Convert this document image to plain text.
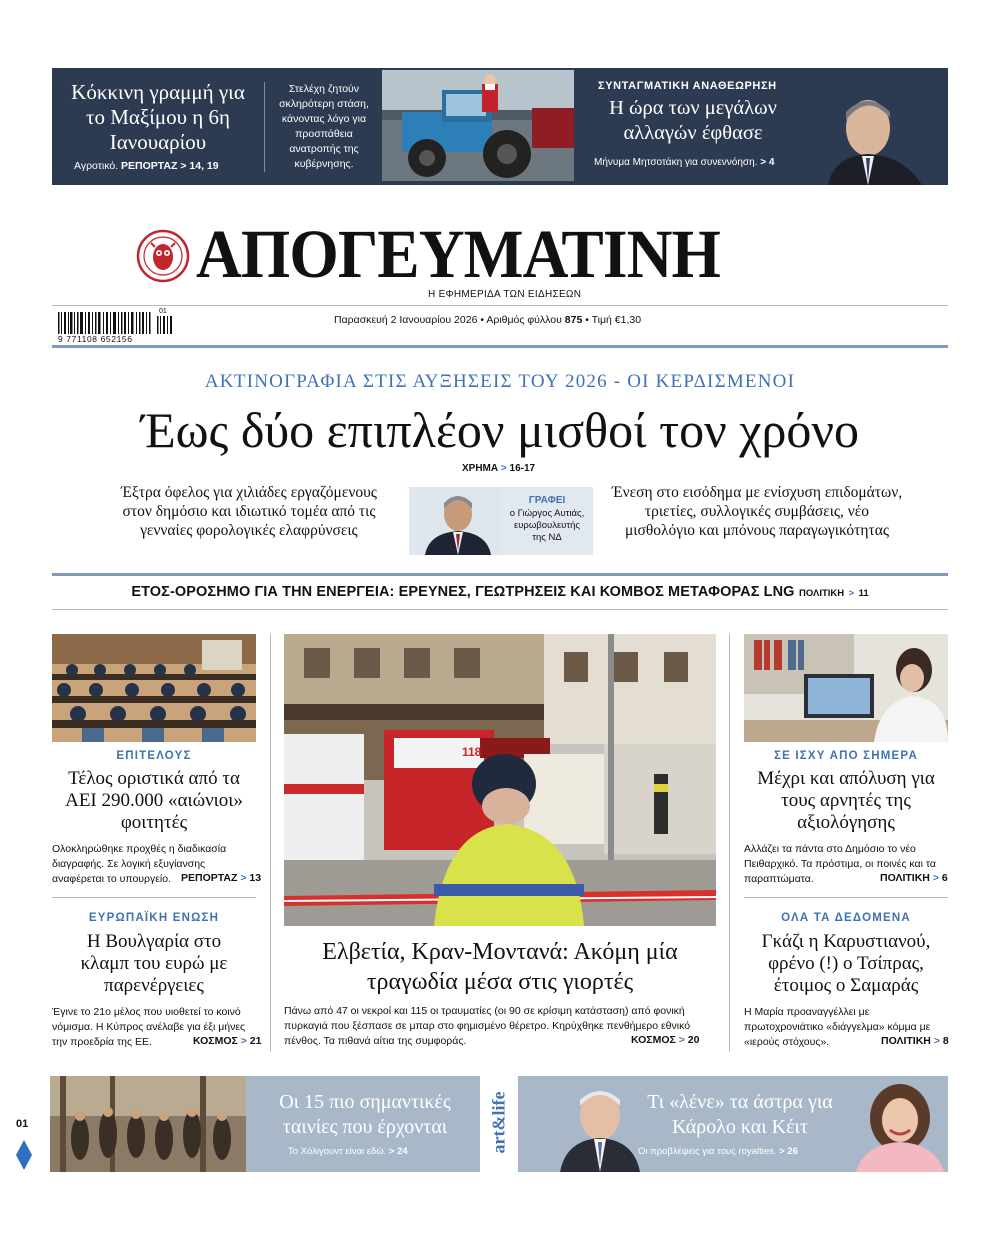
Κόκκινη γραμμή για το Μαξίμου η 6η Ιανουαρίου
Αγροτικό. ΡΕΠΟΡΤΑΖ > 14, 19
Στελέχη ζητούν σκληρότερη στάση, κάνοντας λόγο για προσπάθεια ανατροπής της κυβέρνησης.
ΣΥΝΤΑΓΜΑΤΙΚΗ ΑΝΑΘΕΩΡΗΣΗ
Η ώρα των μεγάλων αλλαγών έφθασε
Μήνυμα Μητσοτάκη για συνεννόηση. > 4
ΑΠΟΓΕΥΜΑΤΙΝΗ
Η ΕΦΗΜΕΡΙΔΑ ΤΩΝ ΕΙΔΗΣΕΩΝ
9 771108 652156
01
Παρασκευή 2 Ιανουαρίου 2026 • Αριθμός φύλλου 875 • Τιμή €1,30
ΑΚΤΙΝΟΓΡΑΦΙΑ ΣΤΙΣ ΑΥΞΗΣΕΙΣ ΤΟΥ 2026 - ΟΙ ΚΕΡΔΙΣΜΕΝΟΙ
Έως δύο επιπλέον μισθοί τον χρόνο
ΧΡΗΜΑ > 16-17
Έξτρα όφελος για χιλιάδες εργαζόμενους στον δημόσιο και ιδιωτικό τομέα από τις γενναίες φορολογικές ελαφρύνσεις
ΓΡΑΦΕΙ
ο Γιώργος Αυτιάς,
ευρωβουλευτής
της ΝΔ
Ένεση στο εισόδημα με ενίσχυση επιδομάτων, τριετίες, συλλογικές συμβάσεις, νέο μισθολόγιο και μπόνους παραγωγικότητας
ΕΤΟΣ-ΟΡΟΣΗΜΟ ΓΙΑ ΤΗΝ ΕΝΕΡΓΕΙΑ: ΕΡΕΥΝΕΣ, ΓΕΩΤΡΗΣΕΙΣ ΚΑΙ ΚΟΜΒΟΣ ΜΕΤΑΦΟΡΑΣ LNG ΠΟΛΙΤΙΚΗ > 11
ΕΠΙΤΕΛΟΥΣ
Τέλος οριστικά από τα ΑΕΙ 290.000 «αιώνιοι» φοιτητές
Ολοκληρώθηκε προχθές η διαδικασία διαγραφής. Σε λογική εξυγίανσης αναφέρεται το υπουργείο. ΡΕΠΟΡΤΑΖ > 13
ΕΥΡΩΠΑΪΚΗ ΕΝΩΣΗ
Η Βουλγαρία στο κλαμπ του ευρώ με παρενέργειες
Έγινε το 21ο μέλος που υιοθετεί το κοινό νόμισμα. Η Κύπρος ανέλαβε για έξι μήνες την προεδρία της ΕΕ.	ΚΟΣΜΟΣ > 21
118
Ελβετία, Κραν-Μοντανά: Ακόμη μία τραγωδία μέσα στις γιορτές
Πάνω από 47 οι νεκροί και 115 οι τραυματίες (οι 90 σε κρίσιμη κατάσταση) από φονική πυρκαγιά που ξέσπασε σε μπαρ στο φημισμένο θέρετρο. Κηρύχθηκε πενθήμερο εθνικό πένθος. Τα πιθανά αίτια της συμφοράς.	ΚΟΣΜΟΣ > 20
ΣΕ ΙΣΧΥ ΑΠΟ ΣΗΜΕΡΑ
Μέχρι και απόλυση για τους αρνητές της αξιολόγησης
Αλλάζει τα πάντα στο Δημόσιο το νέο Πειθαρχικό. Τα πρόστιμα, οι ποινές και τα παραπτώματα.	ΠΟΛΙΤΙΚΗ > 6
ΟΛΑ ΤΑ ΔΕΔΟΜΕΝΑ
Γκάζι η Καρυστιανού, φρένο (!) ο Τσίπρας, έτοιμος ο Σαμαράς
Η Μαρία προαναγγέλλει με πρωτοχρονιάτικο «διάγγελμα» κόμμα με «ιερούς στόχους».	ΠΟΛΙΤΙΚΗ > 8
01
Οι 15 πιο σημαντικές ταινίες που έρχονται
Το Χόλιγουντ είναι εδώ. > 24	art&life	Τι «λένε» τα άστρα για Κάρολο και Κέιτ
Οι προβλέψεις για τους royalties. > 26
